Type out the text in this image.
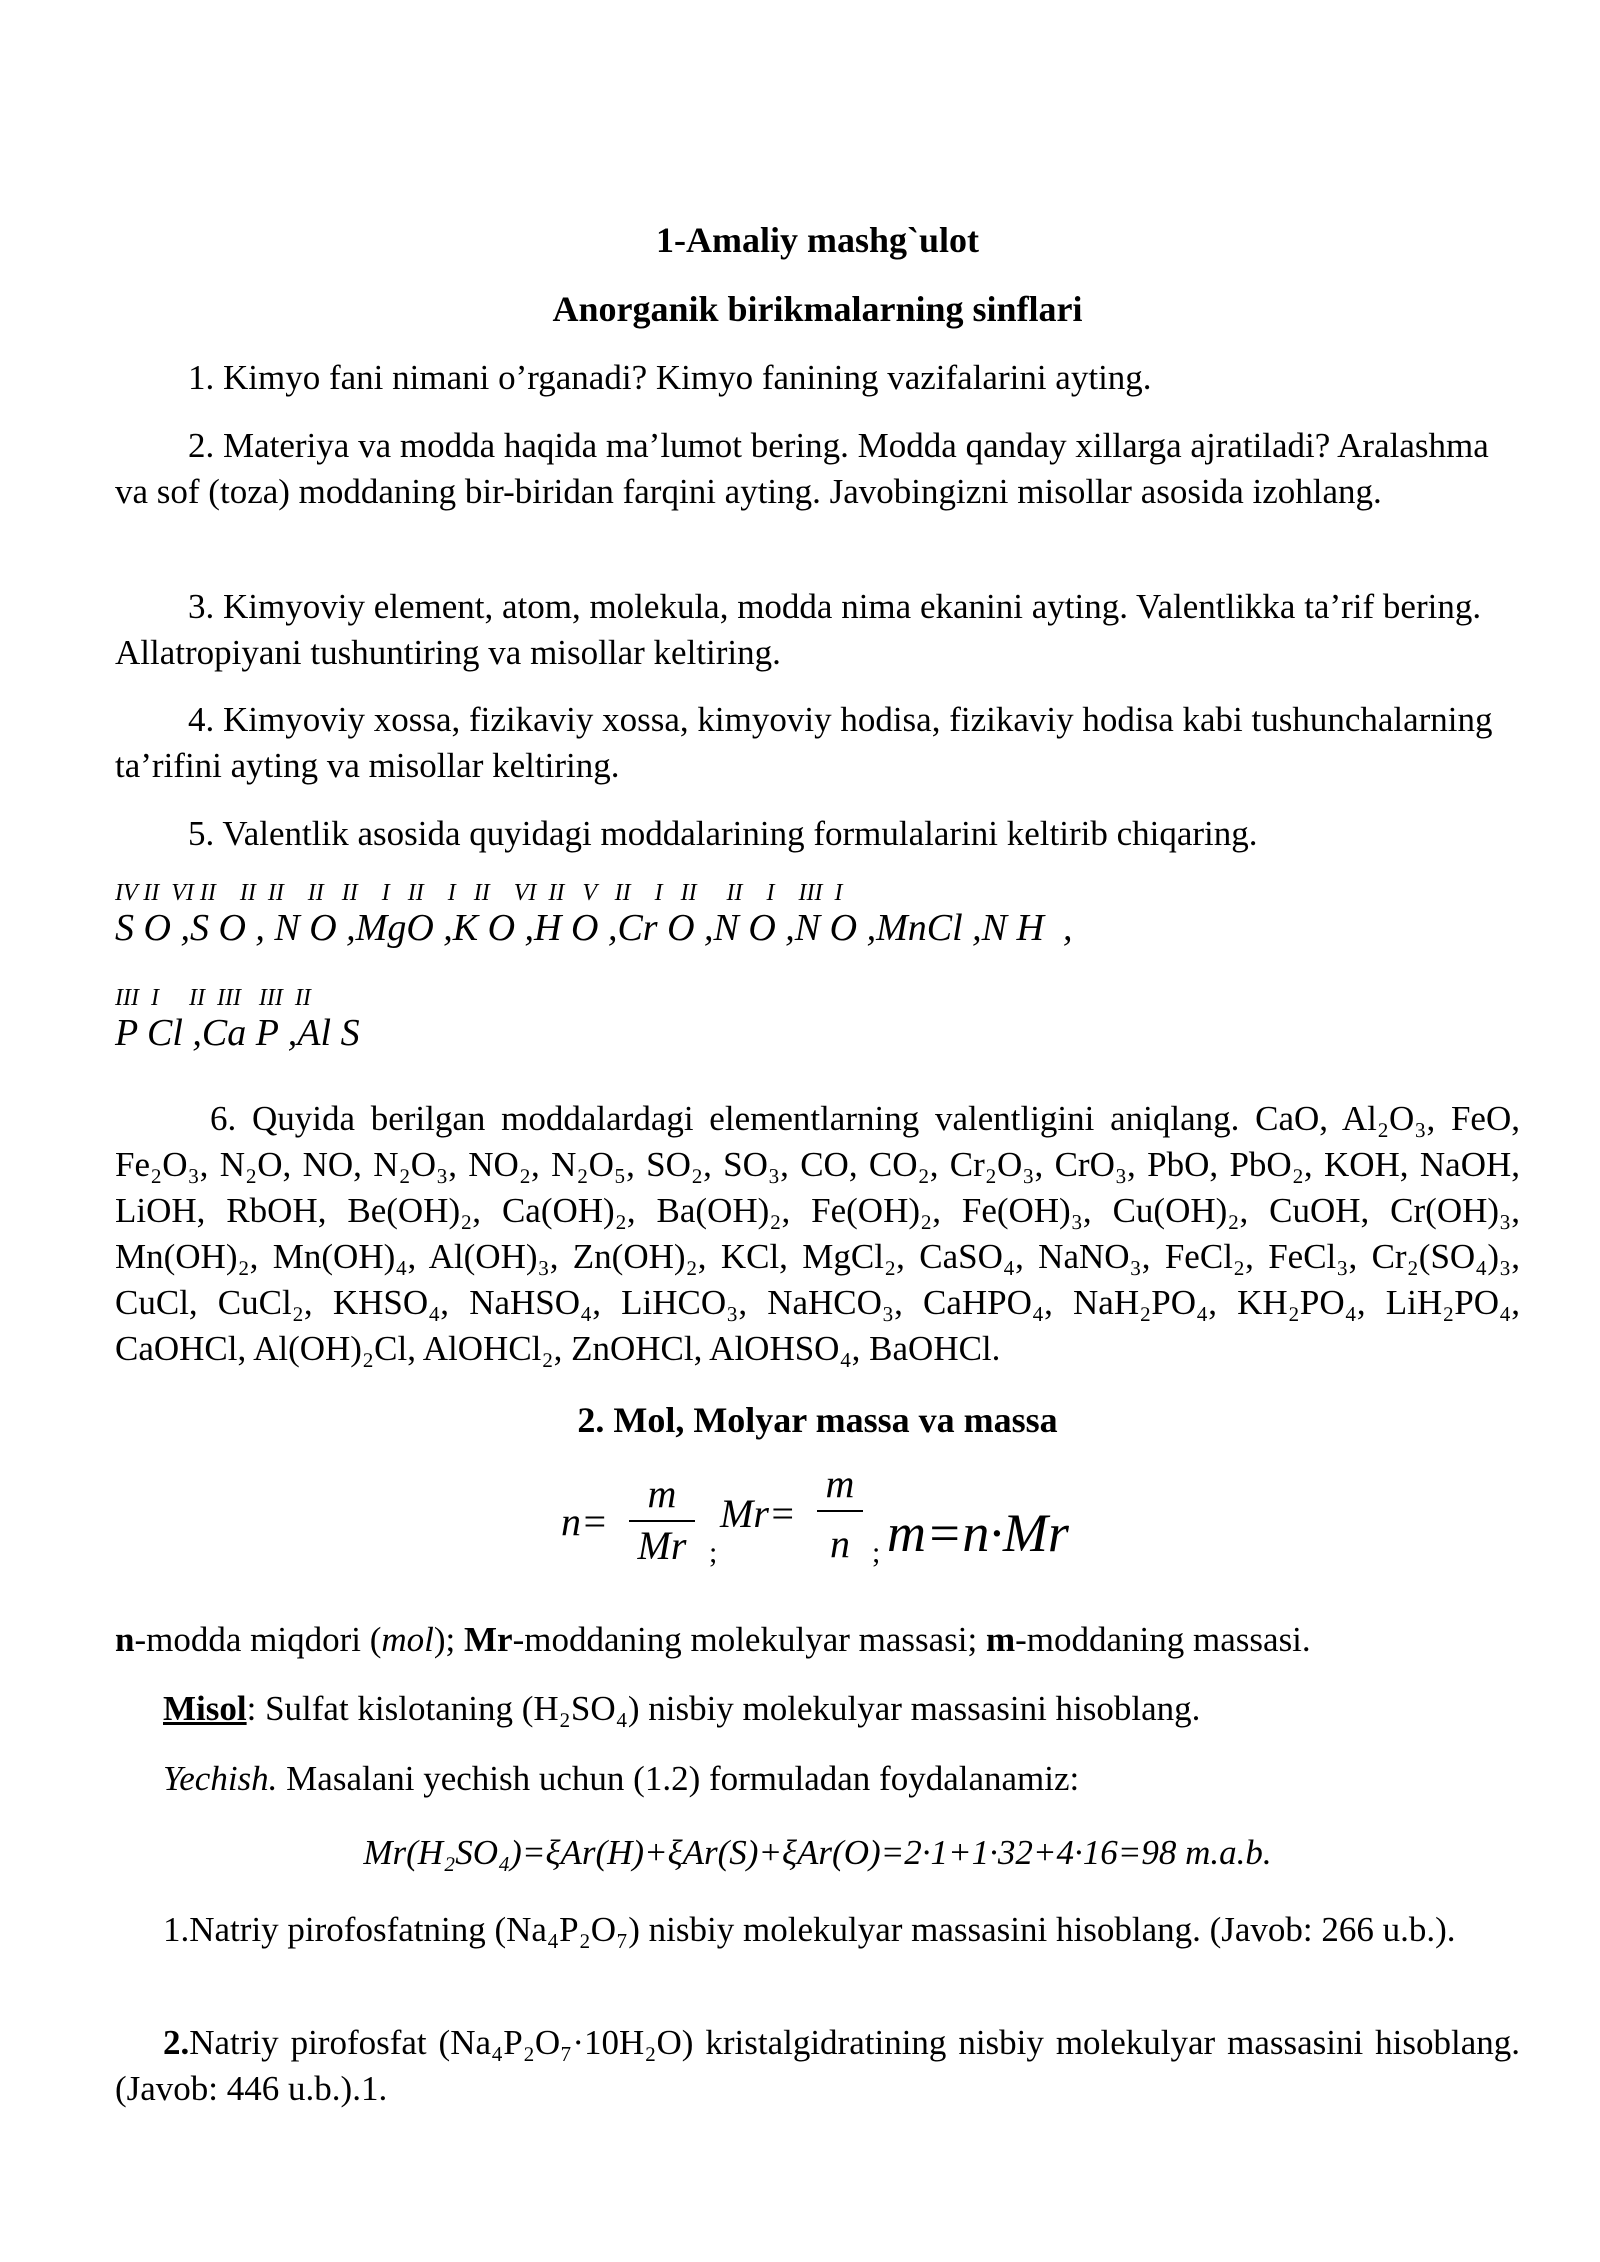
1-Amaliy mashg`ulot
Anorganik birikmalarning sinflari
1. Kimyo fani nimani o’rganadi? Kimyo fanining vazifalarini ayting.
2. Materiya va modda haqida ma’lumot bering. Modda qanday xillarga ajratiladi? Aralashma va sof (toza) moddaning bir-biridan farqini ayting. Javobingizni misollar asosida izohlang.
3. Kimyoviy element, atom, molekula, modda nima ekanini ayting. Valentlikka ta’rif bering. Allatropiyani tushuntiring va misollar keltiring.
4. Kimyoviy xossa, fizikaviy xossa, kimyoviy hodisa, fizikaviy hodisa kabi tushunchalarning ta’rifini ayting va misollar keltiring.
5. Valentlik asosida quyidagi moddalarining formulalarini keltirib chiqaring.
IV II  VI II    II  II    II   II    I   II    I   II    VI  II   V   II    I   II     II    I    III  I
S O ,S O , N O ,MgO ,K O ,H O ,Cr O ,N O ,N O ,MnCl ,N H  ,
III  I     II  III   III  II
P Cl ,Ca P ,Al S
6. Quyida berilgan moddalardagi elementlarning valentligini aniqlang. CaO, Al₂O₃, FeO, Fe₂O₃, N₂O, NO, N₂O₃, NO₂, N₂O₅, SO₂, SO₃, CO, CO₂, Cr₂O₃, CrO₃, PbO, PbO₂, KOH, NaOH, LiOH, RbOH, Be(OH)₂, Ca(OH)₂, Ba(OH)₂, Fe(OH)₂, Fe(OH)₃, Cu(OH)₂, CuOH, Cr(OH)₃, Mn(OH)₂, Mn(OH)₄, Al(OH)₃, Zn(OH)₂, KCl, MgCl₂, CaSO₄, NaNO₃, FeCl₂, FeCl₃, Cr₂(SO₄)₃, CuCl, CuCl₂, KHSO₄, NaHSO₄, LiHCO₃, NaHCO₃, CaHPO₄, NaH₂PO₄, KH₂PO₄, LiH₂PO₄, CaOHCl, Al(OH)₂Cl, AlOHCl₂, ZnOHCl, AlOHSO₄, BaOHCl.
2. Mol, Molyar massa va massa
n=
m
Mr ;
Mr=
m
n ; m=n·Mr
n-modda miqdori (mol); Mr-moddaning molekulyar massasi; m-moddaning massasi.
Misol: Sulfat kislotaning (H₂SO₄) nisbiy molekulyar massasini hisoblang.
Yechish. Masalani yechish uchun (1.2) formuladan foydalanamiz:
Mr(H₂SO₄)=ξAr(H)+ξAr(S)+ξAr(O)=2·1+1·32+4·16=98 m.a.b.
1.Natriy pirofosfatning (Na₄P₂O₇) nisbiy molekulyar massasini hisoblang. (Javob: 266 u.b.).
2.Natriy pirofosfat (Na₄P₂O₇·10H₂O) kristalgidratining nisbiy molekulyar massasini hisoblang. (Javob: 446 u.b.).1.
